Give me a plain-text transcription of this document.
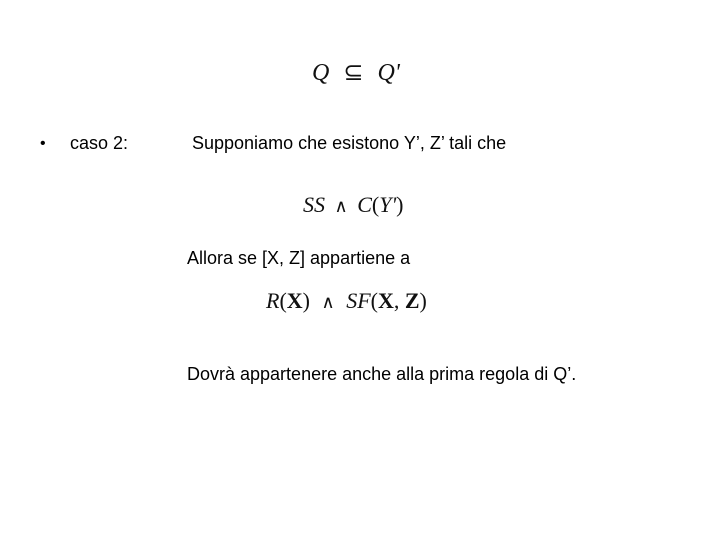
Q ⊆ Q'
• caso 2:	Supponiamo che esistono Y’, Z’ tali che
SS ∧ C(Y')
Allora se [X, Z] appartiene a
R(X) ∧ SF(X, Z)
Dovrà appartenere anche alla prima regola di Q’.
